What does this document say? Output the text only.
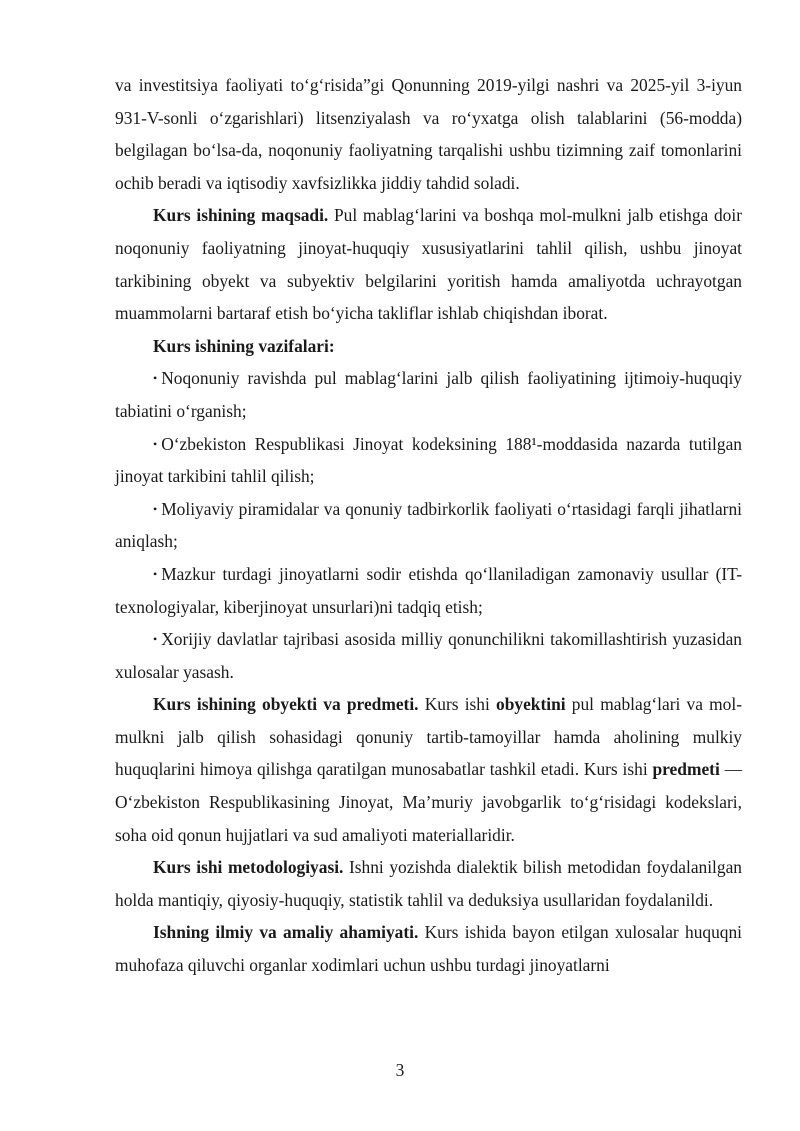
va investitsiya faoliyati to‘g‘risida”gi Qonunning 2019-yilgi nashri va 2025-yil 3-iyun 931-V-sonli o‘zgarishlari) litsenziyalash va ro‘yxatga olish talablarini (56-modda) belgilagan bo‘lsa-da, noqonuniy faoliyatning tarqalishi ushbu tizimning zaif tomonlarini ochib beradi va iqtisodiy xavfsizlikka jiddiy tahdid soladi.

Kurs ishining maqsadi. Pul mablag‘larini va boshqa mol-mulkni jalb etishga doir noqonuniy faoliyatning jinoyat-huquqiy xususiyatlarini tahlil qilish, ushbu jinoyat tarkibining obyekt va subyektiv belgilarini yoritish hamda amaliyotda uchrayotgan muammolarni bartaraf etish bo‘yicha takliflar ishlab chiqishdan iborat.

Kurs ishining vazifalari:

• Noqonuniy ravishda pul mablag‘larini jalb qilish faoliyatining ijtimoiy-huquqiy tabiatini o‘rganish;

• O‘zbekiston Respublikasi Jinoyat kodeksining 188¹-moddasida nazarda tutilgan jinoyat tarkibini tahlil qilish;

• Moliyaviy piramidalar va qonuniy tadbirkorlik faoliyati o‘rtasidagi farqli jihatlarni aniqlash;

• Mazkur turdagi jinoyatlarni sodir etishda qo‘llaniladigan zamonaviy usullar (IT-texnologiyalar, kiberjinoyat unsurlari)ni tadqiq etish;

• Xorijiy davlatlar tajribasi asosida milliy qonunchilikni takomillashtirish yuzasidan xulosalar yasash.

Kurs ishining obyekti va predmeti. Kurs ishi obyektini pul mablag‘lari va mol-mulkni jalb qilish sohasidagi qonuniy tartib-tamoyillar hamda aholining mulkiy huquqlarini himoya qilishga qaratilgan munosabatlar tashkil etadi. Kurs ishi predmeti — O‘zbekiston Respublikasining Jinoyat, Ma’muriy javobgarlik to‘g‘risidagi kodekslari, soha oid qonun hujjatlari va sud amaliyoti materiallaridir.

Kurs ishi metodologiyasi. Ishni yozishda dialektik bilish metodidan foydalanilgan holda mantiqiy, qiyosiy-huquqiy, statistik tahlil va deduksiya usullaridan foydalanildi.

Ishning ilmiy va amaliy ahamiyati. Kurs ishida bayon etilgan xulosalar huquqni muhofaza qiluvchi organlar xodimlari uchun ushbu turdagi jinoyatlarni

3
